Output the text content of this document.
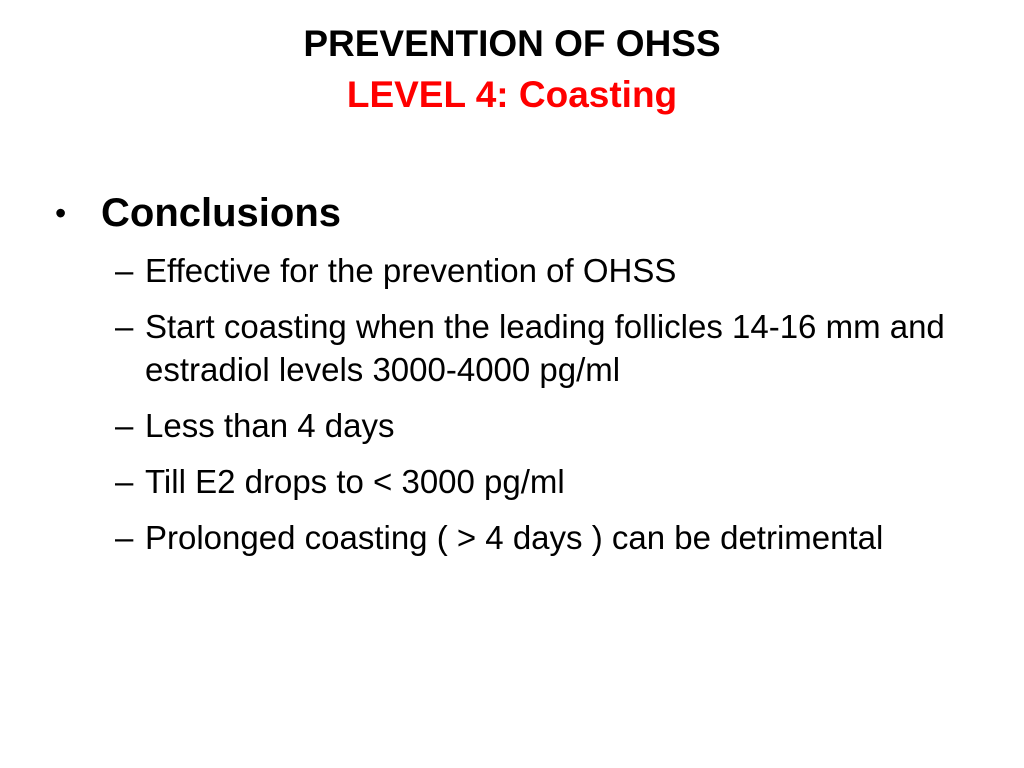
PREVENTION OF OHSS
LEVEL 4: Coasting
• Conclusions
– Effective for the prevention of OHSS
– Start coasting when the leading follicles 14-16 mm and estradiol levels 3000-4000 pg/ml
– Less than 4 days
– Till E2 drops to < 3000 pg/ml
– Prolonged coasting ( > 4 days ) can be detrimental
